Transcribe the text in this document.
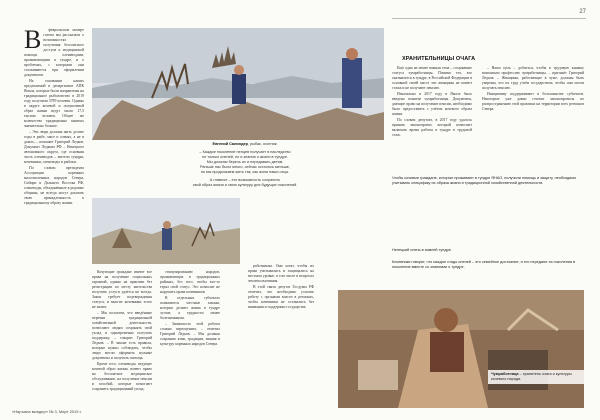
27
В	февральском номере газеты мы рассказали о возможностях получения бесплатного доступа к медицинской помощи оленеводами, проживающими в тундре, и о проблемах, с которыми они сталкиваются при оформлении документов.

На основании наших предложений в департамент АПК Ямала, которые были направлены на традиционное рыболовство в 2019 году получили 3789 человек. Однако в округе кочевой и полукочевой образ жизни ведут около 17,5 тысячи человек. Общее же количество традиционно занятых значительно больше.

– Эти люди должны жить долгие годы в рыбе, мясе и оленях, а не в домах, – поясняет Григорий Ледков. Документ Ледкова РФ – Ненецкого автономного округа, где основная часть оленеводов – жители тундры, кочевники, оленеводы и рыбаки.

По словам президента Ассоциации коренных малочисленных народов Севера, Сибири и Дальнего Востока РФ, оленеводы, объединённые в родовые общины, не всегда могут доказать свою принадлежность к традиционному образу жизни.

Евгений Салиндер, рыбак, охотник:
– Каждое поколение ненцев получает в наследство
не только оленей, но и знания о жизни в тундре.
Мы должны беречь их и передавать детям.
Раньше нас было много, сейчас осталось меньше,
но мы продолжаем жить так, как жили наши отцы.
А главное – это возможность сохранить
свой образ жизни и свою культуру для будущих поколений.

Кочующие граждане имеют все права на получение социальных гарантий, однако на практике без регистрации по месту жительства получить услуги удаётся не всегда. Закон требует подтверждения статуса, и многие кочевники этого не знают.

– Мы полагаем, что введённые перечни традиционной хозяйственной деятельности, позволяют людям сохранять свой уклад и одновременно получать поддержку, – говорит Григорий Ледков. – В законе есть правила, которые нужно соблюдать, чтобы люди могли оформить нужные документы и получить помощь.

Кроме того, оленеводы, ведущие кочевой образ жизни, имеют право на бесплатное медицинское обслуживание, на получение пенсии и пособий, которые помогают сохранить традиционный уклад.

стимулированию народов, проживающих в традиционных районах, без того, чтобы кто-то терял свой статус. Это позволит не нарушать права кочевников.

В отдельных субъектах появляются местные законы, которые делают жизнь в тундре лучше, а трудности менее болезненными.

– Значимость этой работы сложно переоценить, – отметил Григорий Ледков. – Мы должны сохранять язык, традиции, знания и культуру коренных народов Севера.

работникам. Они хотят, чтобы их права учитывались и защищались на местном уровне, в том числе в вопросах землепользования.

В этой связи депутат Госдумы РФ отметил, что необходимо усилить работу с органами власти в регионах, чтобы кочевники не оставались без внимания и поддержки государства.

ХРАНИТЕЛЬНИЦЫ ОЧАГА

Ещё одна не менее важная тема – сохранение статуса чумработницы. Помимо тех, кто оказывается в тундре, в Российской Федерации в основной своей массе эти женщины не имеют стажа и не получают пенсию.

Изначально в 2017 году в Ямале было введено понятие чумработницы. Документы, дающие право на получение пенсии, необходимо было предоставить с учётом кочевого образа жизни.

По словам депутата, в 2017 году удалось принять законопроект, который позволяет включать время работы в тундре в трудовой стаж.

– Наша цель – добиться, чтобы в трудовую книжку вписывали профессию чумработницы, – признаёт Григорий Ледков. – Женщины, работающие в чуме, должны быть уверены, что их труд учтён государством, чтобы они могли получать пенсию.

Инициативу поддерживают в большинстве субъектов. Некоторые уже давно готовят законопроекты по распространению этой практики на территории всех регионов Севера.

Чтобы кочевые граждане, которые проживают в тундре ЯНАО, получили помощь и защиту, необходимо учитывать специфику их образа жизни и традиционной хозяйственной деятельности.
Ненецкий олень в зимней тундре.
Кочевники говорят, что каждое стадо оленей – это семейное достояние, и его передают из поколения в поколение вместе со знаниями о тундре.
Чумработница – хранитель очага и культуры кочевого народа.
«Няръяна вындер» № 3, Март 2019 г.
